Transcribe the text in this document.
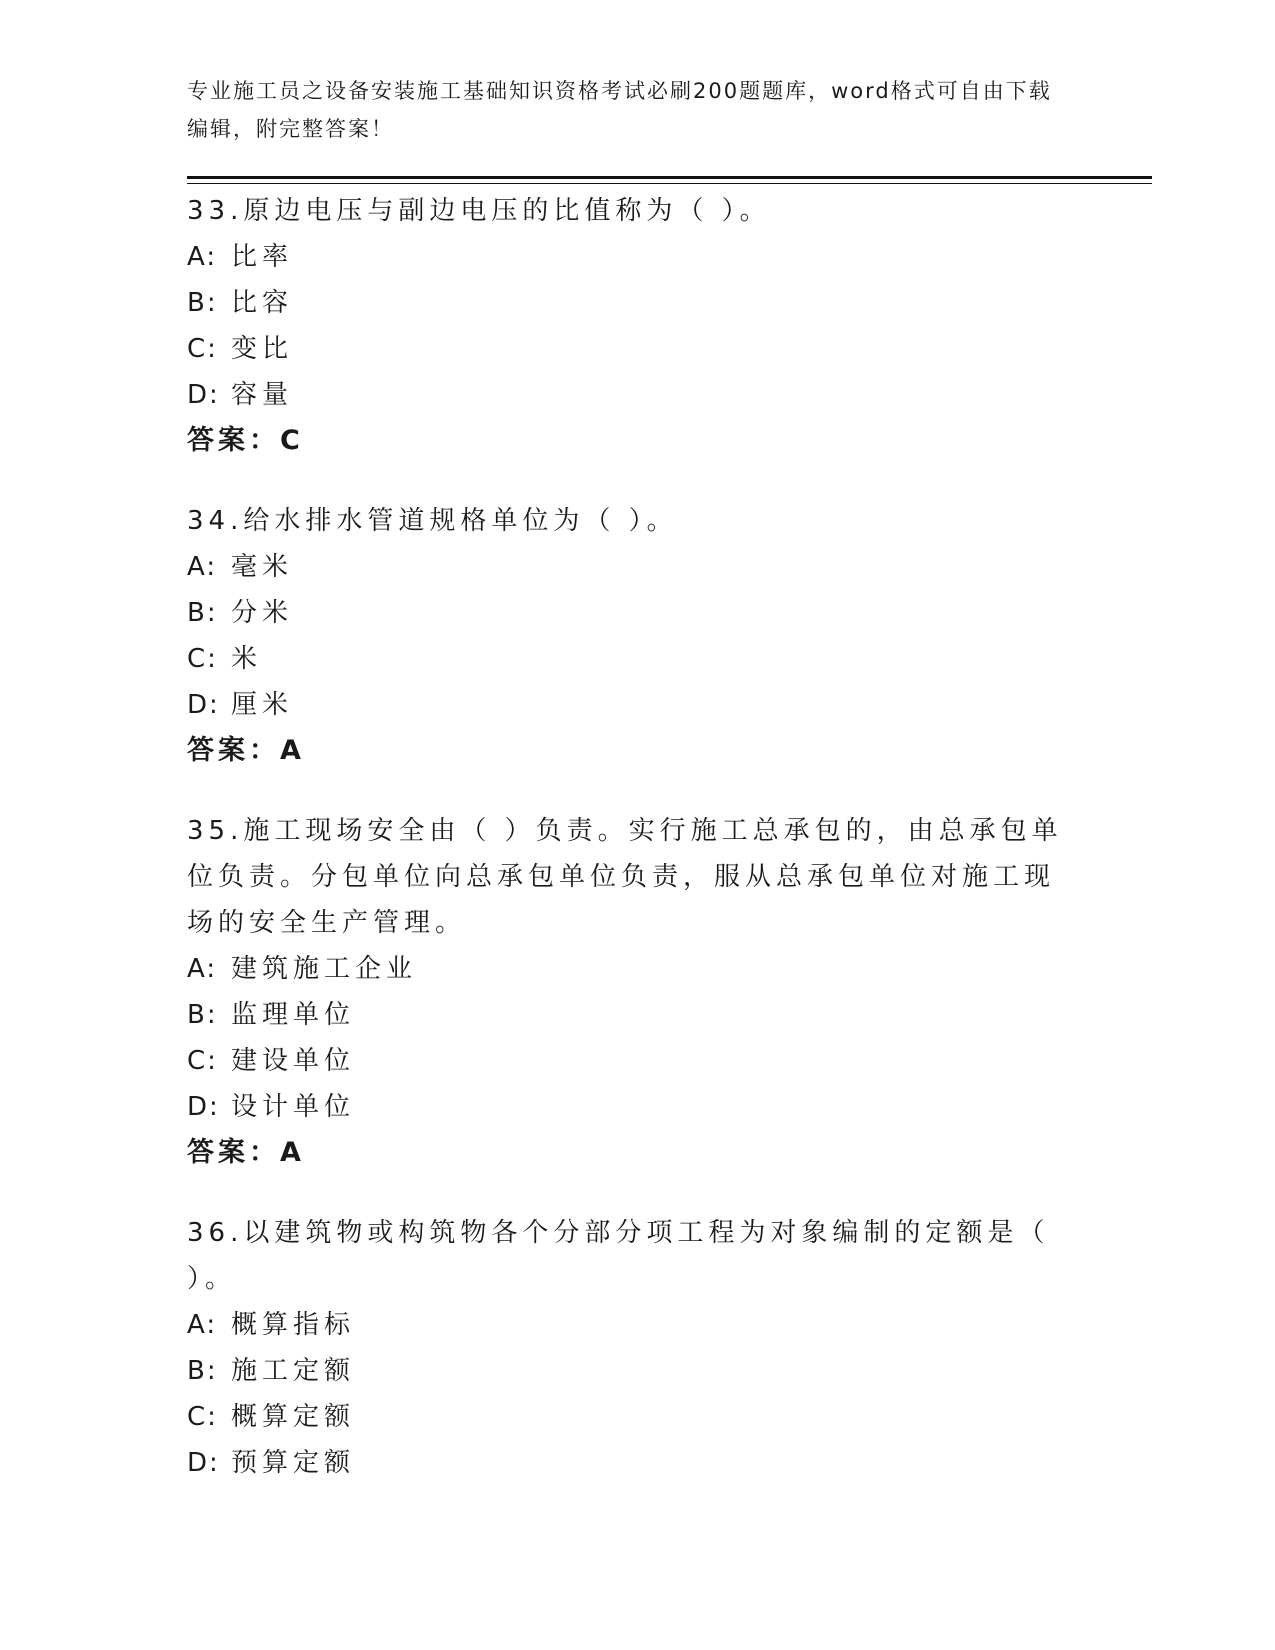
专业施工员之设备安装施工基础知识资格考试必刷200题题库，word格式可自由下载编辑，附完整答案！
33.原边电压与副边电压的比值称为（ ）。
A: 比率
B: 比容
C: 变比
D: 容量
答案：C
34.给水排水管道规格单位为（ ）。
A: 毫米
B: 分米
C: 米
D: 厘米
答案：A
35.施工现场安全由（ ）负责。实行施工总承包的，由总承包单位负责。分包单位向总承包单位负责，服从总承包单位对施工现场的安全生产管理。
A: 建筑施工企业
B: 监理单位
C: 建设单位
D: 设计单位
答案：A
36.以建筑物或构筑物各个分部分项工程为对象编制的定额是（ ）。
A: 概算指标
B: 施工定额
C: 概算定额
D: 预算定额
